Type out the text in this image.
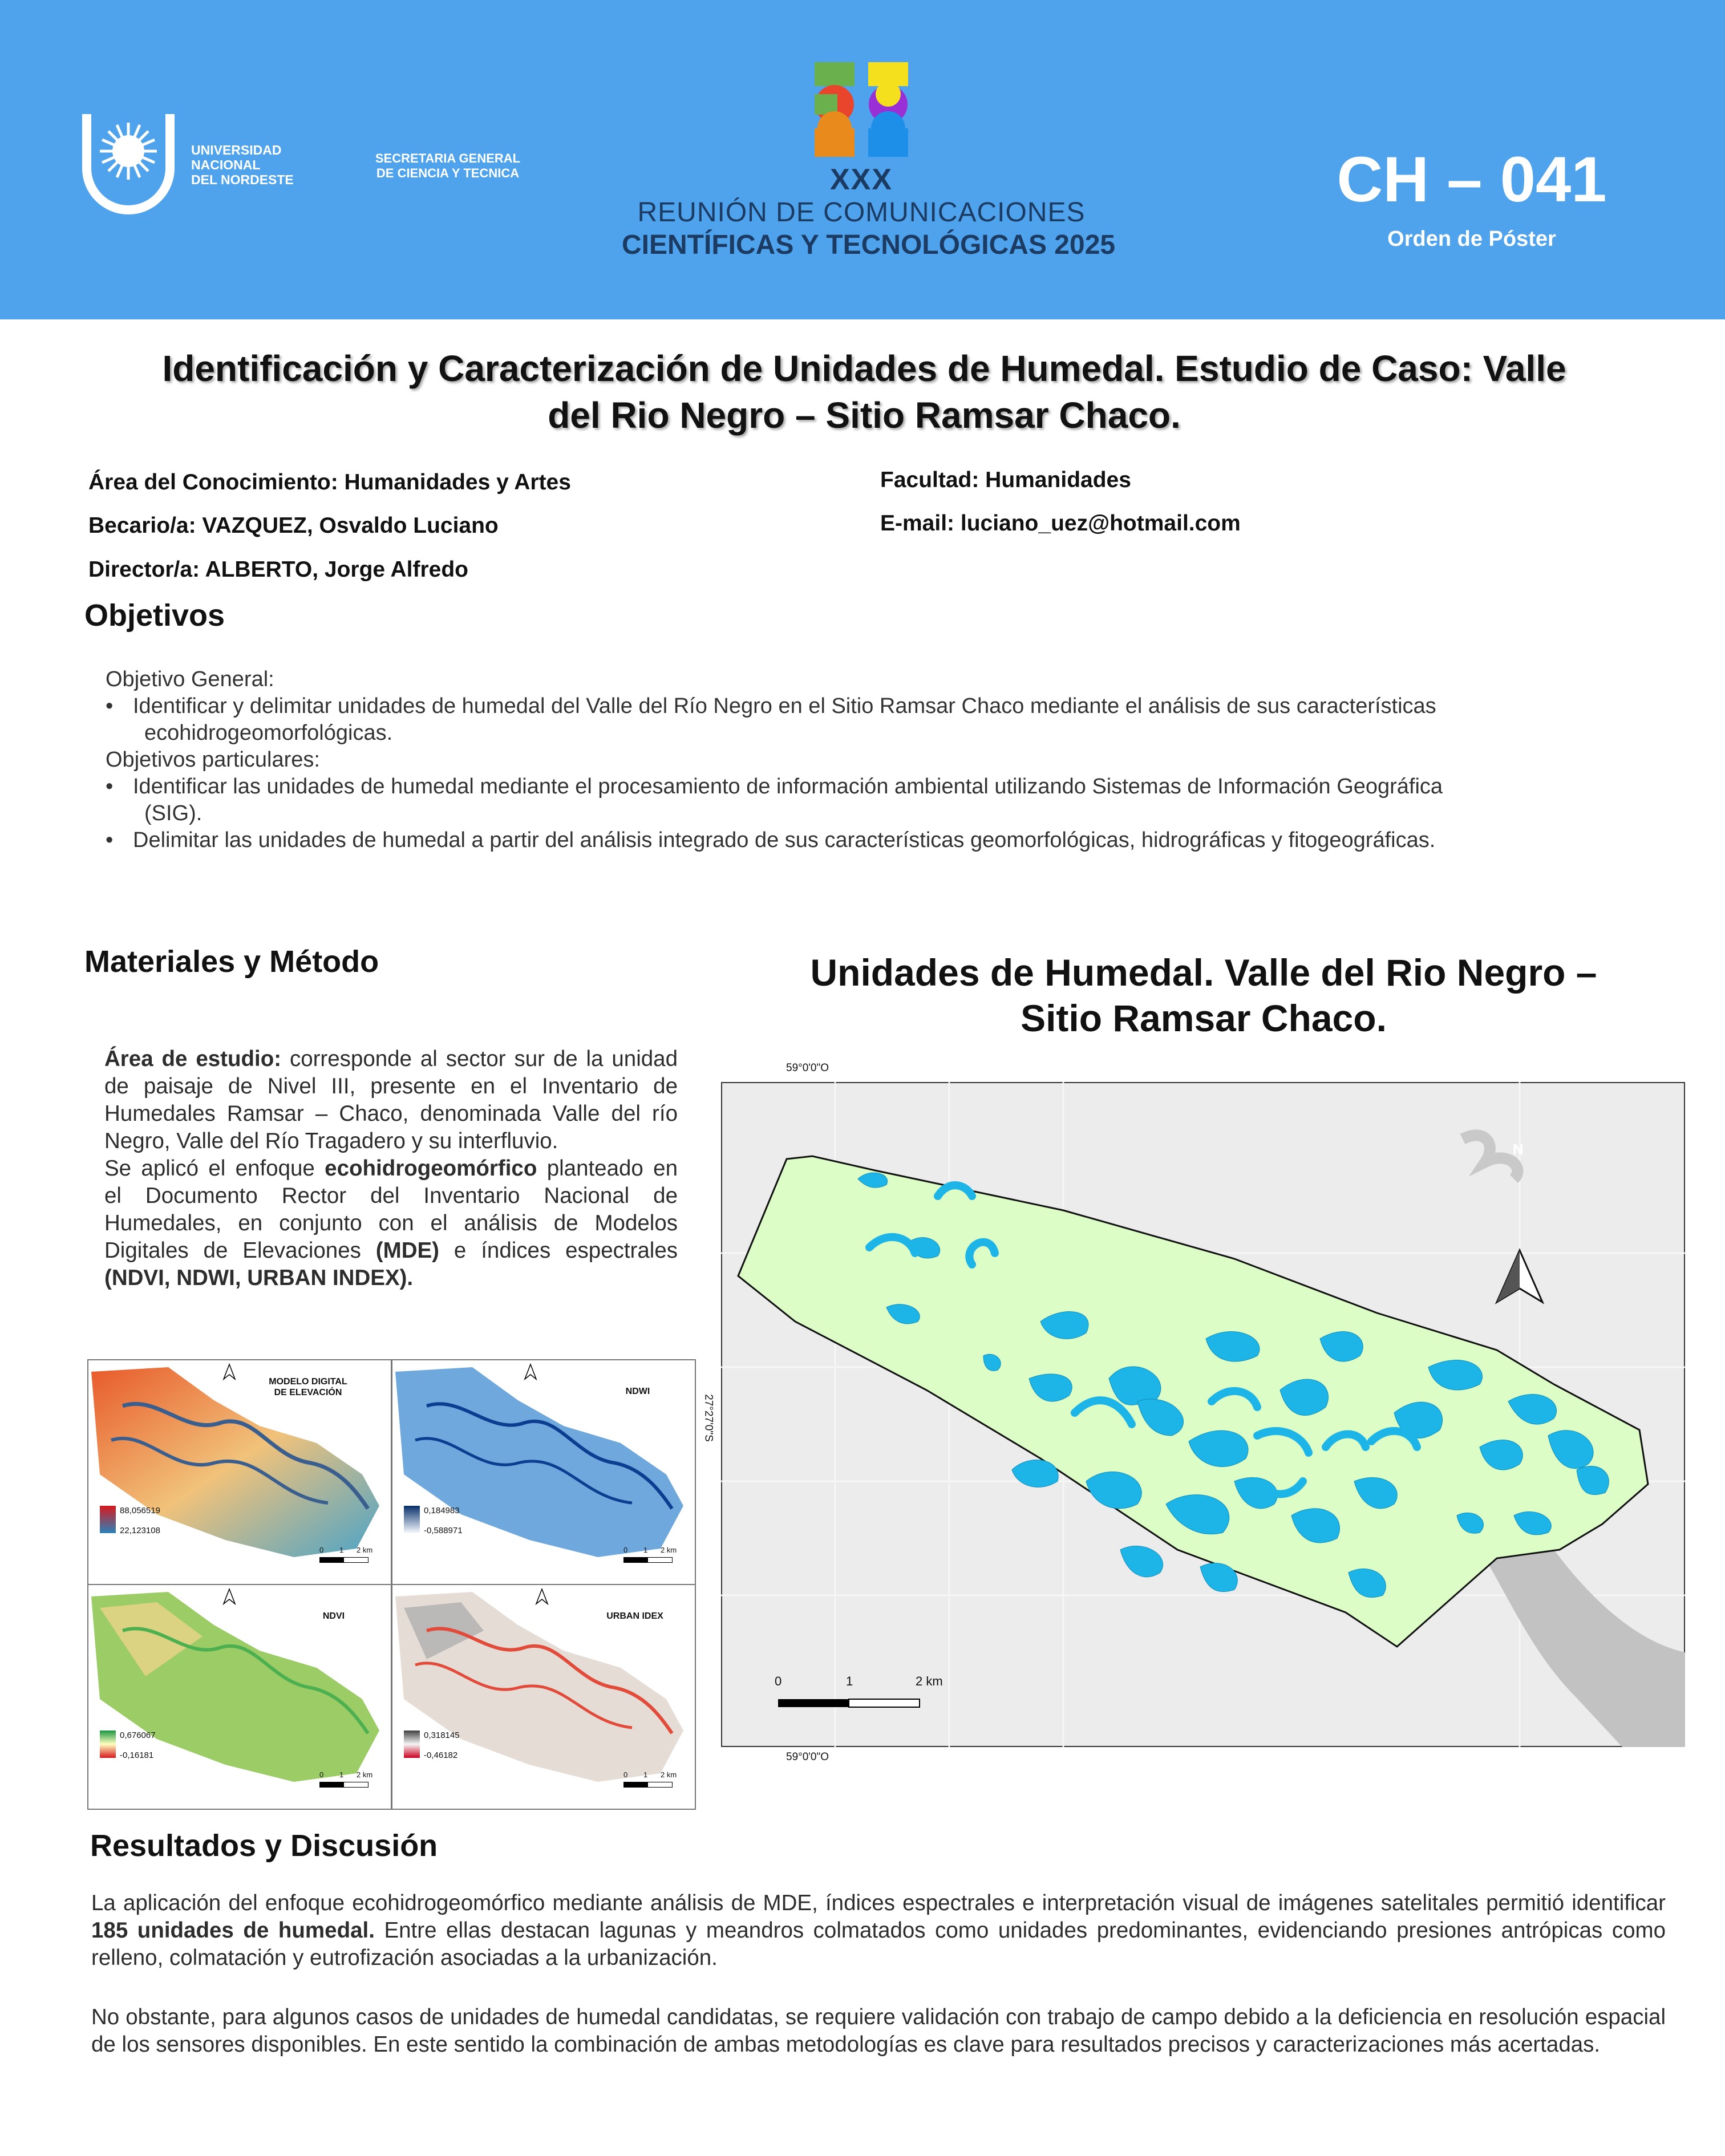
UNIVERSIDAD
NACIONAL
DEL NORDESTE
SECRETARIA GENERAL
DE CIENCIA Y TECNICA	XXX
REUNIÓN DE COMUNICACIONES
CIENTÍFICAS Y TECNOLÓGICAS 2025
CH – 041
Orden de Póster
Identificación y Caracterización de Unidades de Humedal. Estudio de Caso: Valle
del Rio Negro – Sitio Ramsar Chaco.
Área del Conocimiento: Humanidades y Artes
Becario/a: VAZQUEZ, Osvaldo Luciano
Director/a: ALBERTO, Jorge Alfredo
Facultad: Humanidades
E-mail: luciano_uez@hotmail.com
Objetivos
Objetivo General:
• Identificar y delimitar unidades de humedal del Valle del Río Negro en el Sitio Ramsar Chaco mediante el análisis de sus características
ecohidrogeomorfológicas.
Objetivos particulares:
• Identificar las unidades de humedal mediante el procesamiento de información ambiental utilizando Sistemas de Información Geográfica
(SIG).
• Delimitar las unidades de humedal a partir del análisis integrado de sus características geomorfológicas, hidrográficas y fitogeográficas.
Materiales y Método
Área de estudio: corresponde al sector sur de la unidad de paisaje de Nivel III, presente en el Inventario de Humedales Ramsar – Chaco, denominada Valle del río Negro, Valle del Río Tragadero y su interfluvio.
Se aplicó el enfoque ecohidrogeomórfico planteado en el Documento Rector del Inventario Nacional de Humedales, en conjunto con el análisis de Modelos Digitales de Elevaciones (MDE) e índices espectrales (NDVI, NDWI, URBAN INDEX).
MODELO DIGITAL
DE ELEVACIÓN
88,056519
22,123108
0 1 2 km
NDWI
0,184983
-0,588971
0 1 2 km
NDVI
0,676067
-0,16181
0 1 2 km
URBAN IDEX
0,318145
-0,46182
0 1 2 km
Unidades de Humedal. Valle del Rio Negro –
Sitio Ramsar Chaco.
59°0'0"O
59°0'0"O
27°27'0"S
N
0	1	2 km
Resultados y Discusión
La aplicación del enfoque ecohidrogeomórfico mediante análisis de MDE, índices espectrales e interpretación visual de imágenes satelitales permitió identificar 185 unidades de humedal. Entre ellas destacan lagunas y meandros colmatados como unidades predominantes, evidenciando presiones antrópicas como relleno, colmatación y eutrofización asociadas a la urbanización.
No obstante, para algunos casos de unidades de humedal candidatas, se requiere validación con trabajo de campo debido a la deficiencia en resolución espacial de los sensores disponibles. En este sentido la combinación de ambas metodologías es clave para resultados precisos y caracterizaciones más acertadas.
